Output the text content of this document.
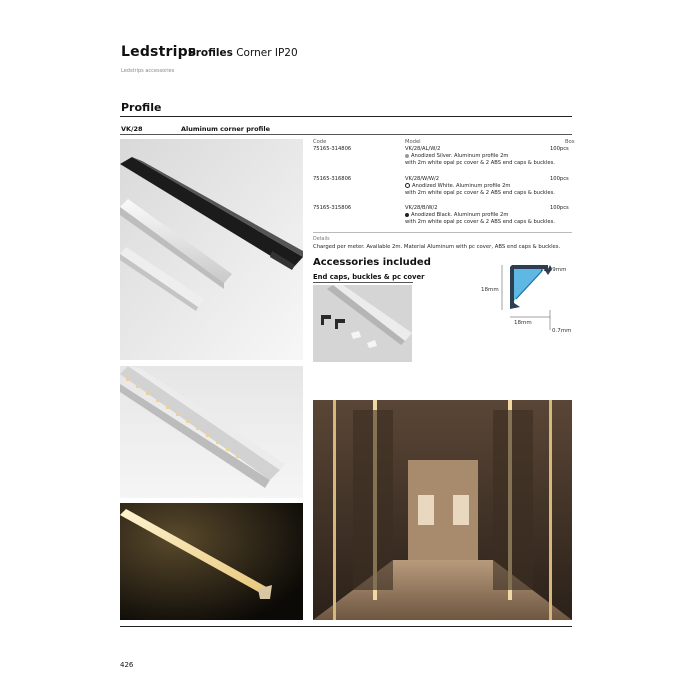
Ledstrips
Profiles Corner IP20
Ledstrips accessories
Profile
VK/28	Aluminum corner profile
Code	Model	Box
75165-314806	VK/28/AL/W/2	100pcs
Anodized Silver. Aluminum profile 2m
with 2m white opal pc cover & 2 ABS end caps & buckles.
75165-316806	VK/28/W/W/2	100pcs
Anodized White. Aluminum profile 2m
with 2m white opal pc cover & 2 ABS end caps & buckles.
75165-315806	VK/28/B/W/2	100pcs
Anodized Black. Aluminum profile 2m
with 2m white opal pc cover & 2 ABS end caps & buckles.
Details
Charged per meter. Available 2m. Material Aluminum with pc cover, ABS end caps & buckles.
Accessories included
End caps, buckles & pc cover
18mm
12.59mm
18mm
0.7mm
426
